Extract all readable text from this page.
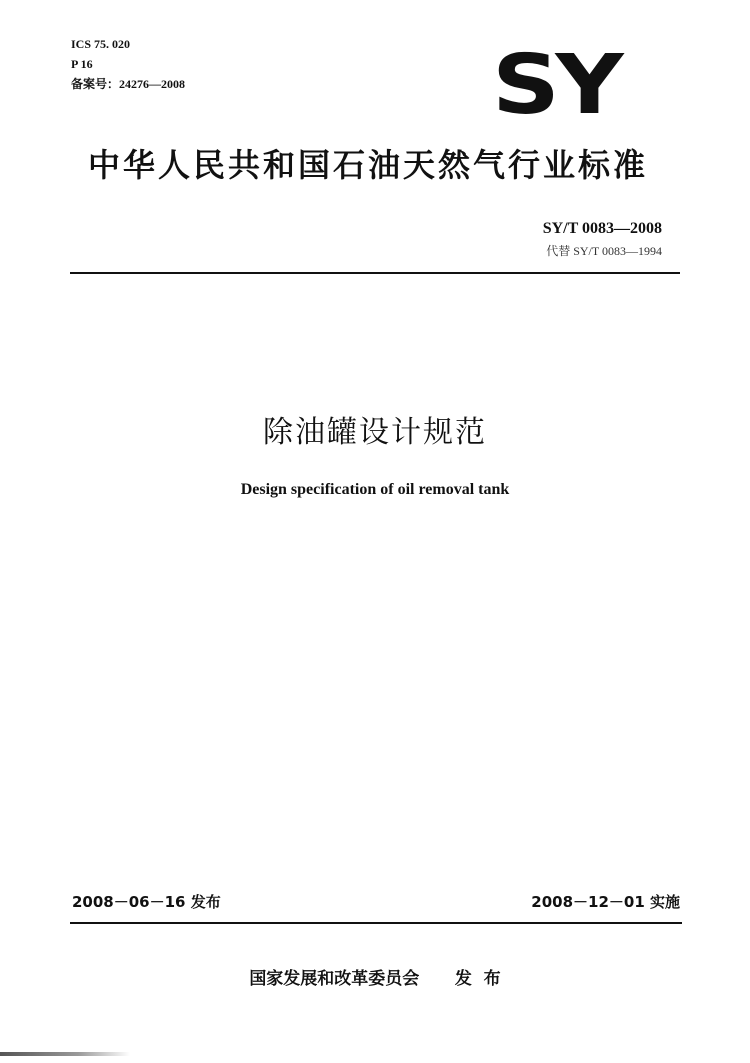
ICS 75. 020
P 16
备案号：24276—2008	SY
中华人民共和国石油天然气行业标准
SY/T 0083—2008
代替 SY/T 0083—1994
除油罐设计规范
Design specification of oil removal tank
2008－06－16 发布	2008－12－01 实施
国家发展和改革委员会      发  布
